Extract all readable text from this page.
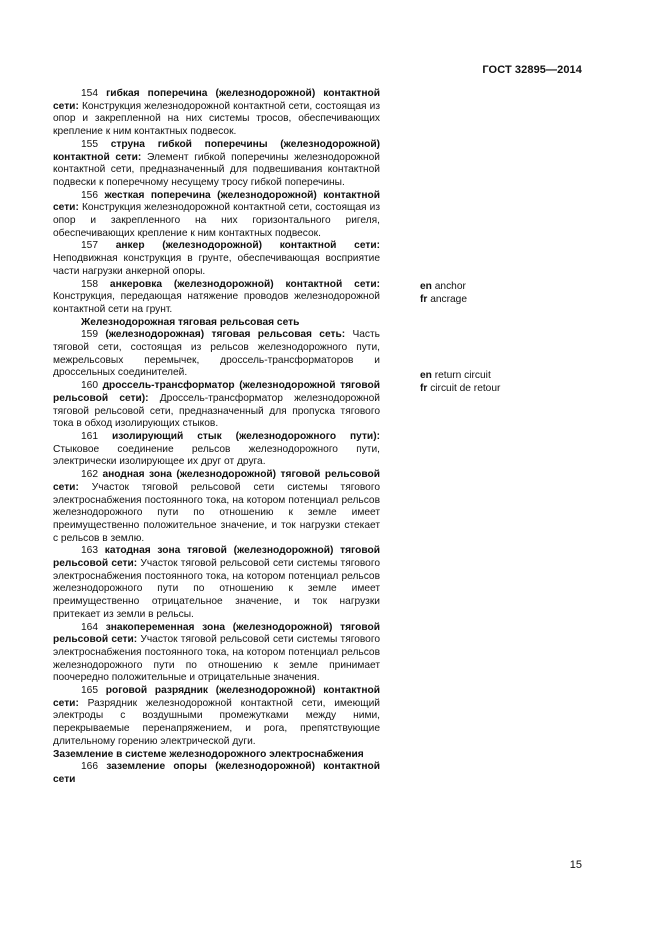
ГОСТ 32895—2014

154 гибкая поперечина (железнодорожной) контактной сети: Конструкция железнодорожной контактной сети, состоящая из опор и закрепленной на них системы тросов, обеспечивающих крепление к ним контактных подвесок.

155 струна гибкой поперечины (железнодорожной) контактной сети: Элемент гибкой поперечины железнодорожной контактной сети, предназначенный для подвешивания контактной подвески к поперечному несущему тросу гибкой поперечины.

156 жесткая поперечина (железнодорожной) контактной сети: Конструкция железнодорожной контактной сети, состоящая из опор и закрепленного на них горизонтального ригеля, обеспечивающих крепление к ним контактных подвесок.

157 анкер (железнодорожной) контактной сети: Неподвижная конструкция в грунте, обеспечивающая восприятие части нагрузки анкерной опоры.

158 анкеровка (железнодорожной) контактной сети: Конструкция, передающая натяжение проводов железнодорожной контактной сети на грунт.

Железнодорожная тяговая рельсовая сеть

159 (железнодорожная) тяговая рельсовая сеть: Часть тяговой сети, состоящая из рельсов железнодорожного пути, межрельсовых перемычек, дроссель-трансформаторов и дроссельных соединителей.

160 дроссель-трансформатор (железнодорожной тяговой рельсовой сети): Дроссель-трансформатор железнодорожной тяговой рельсовой сети, предназначенный для пропуска тягового тока в обход изолирующих стыков.

161 изолирующий стык (железнодорожного пути): Стыковое соединение рельсов железнодорожного пути, электрически изолирующее их друг от друга.

162 анодная зона (железнодорожной) тяговой рельсовой сети: Участок тяговой рельсовой сети системы тягового электроснабжения постоянного тока, на котором потенциал рельсов железнодорожного пути по отношению к земле имеет преимущественно положительное значение, и ток нагрузки стекает с рельсов в землю.

163 катодная зона тяговой (железнодорожной) тяговой рельсовой сети: Участок тяговой рельсовой сети системы тягового электроснабжения постоянного тока, на котором потенциал рельсов железнодорожного пути по отношению к земле имеет преимущественно отрицательное значение, и ток нагрузки притекает из земли в рельсы.

164 знакопеременная зона (железнодорожной) тяговой рельсовой сети: Участок тяговой рельсовой сети системы тягового электроснабжения постоянного тока, на котором потенциал рельсов железнодорожного пути по отношению к земле принимает поочередно положительные и отрицательные значения.

165 роговой разрядник (железнодорожной) контактной сети: Разрядник железнодорожной контактной сети, имеющий электроды с воздушными промежутками между ними, перекрываемые перенапряжением, и рога, препятствующие длительному горению электрической дуги.

Заземление в системе железнодорожного электроснабжения

166 заземление опоры (железнодорожной) контактной сети

en anchor
fr ancrage
en return circuit
fr circuit de retour
15
